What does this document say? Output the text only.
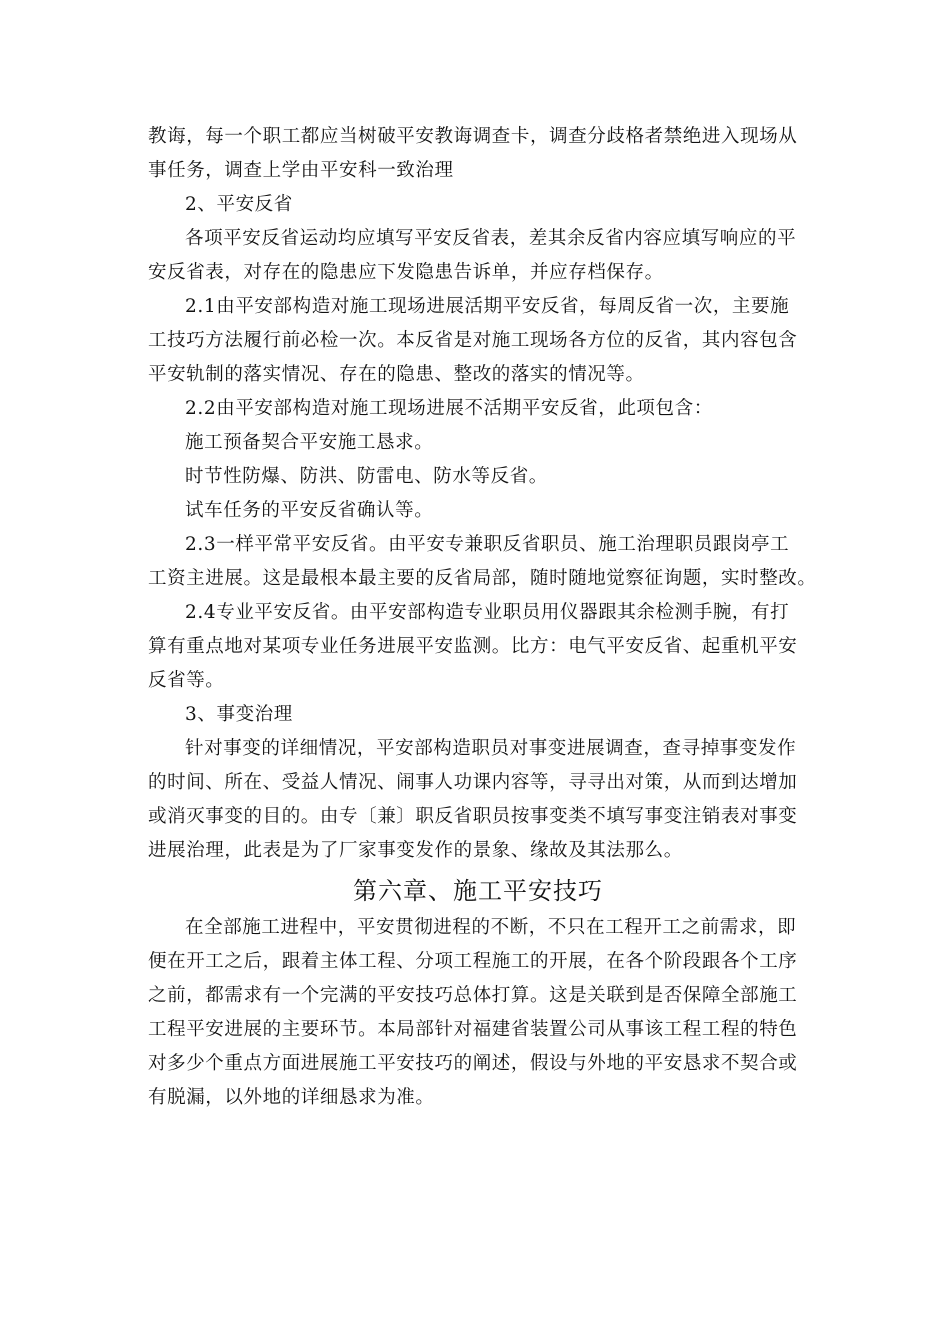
教诲，每一个职工都应当树破平安教诲调查卡，调查分歧格者禁绝进入现场从
事任务，调查上学由平安科一致治理
2、平安反省
各项平安反省运动均应填写平安反省表，差其余反省内容应填写响应的平
安反省表，对存在的隐患应下发隐患告诉单，并应存档保存。
2.1由平安部构造对施工现场进展活期平安反省，每周反省一次，主要施
工技巧方法履行前必检一次。本反省是对施工现场各方位的反省，其内容包含
平安轨制的落实情况、存在的隐患、整改的落实的情况等。
2.2由平安部构造对施工现场进展不活期平安反省，此项包含：
施工预备契合平安施工恳求。
时节性防爆、防洪、防雷电、防水等反省。
试车任务的平安反省确认等。
2.3一样平常平安反省。由平安专兼职反省职员、施工治理职员跟岗亭工
工资主进展。这是最根本最主要的反省局部，随时随地觉察征询题，实时整改。
2.4专业平安反省。由平安部构造专业职员用仪器跟其余检测手腕，有打
算有重点地对某项专业任务进展平安监测。比方：电气平安反省、起重机平安
反省等。
3、事变治理
针对事变的详细情况，平安部构造职员对事变进展调查，查寻掉事变发作
的时间、所在、受益人情况、闹事人功课内容等，寻寻出对策，从而到达增加
或消灭事变的目的。由专〔兼〕职反省职员按事变类不填写事变注销表对事变
进展治理，此表是为了厂家事变发作的景象、缘故及其法那么。
第六章、施工平安技巧
在全部施工进程中，平安贯彻进程的不断，不只在工程开工之前需求，即
便在开工之后，跟着主体工程、分项工程施工的开展，在各个阶段跟各个工序
之前，都需求有一个完满的平安技巧总体打算。这是关联到是否保障全部施工
工程平安进展的主要环节。本局部针对福建省装置公司从事该工程工程的特色
对多少个重点方面进展施工平安技巧的阐述，假设与外地的平安恳求不契合或
有脱漏，以外地的详细恳求为准。
